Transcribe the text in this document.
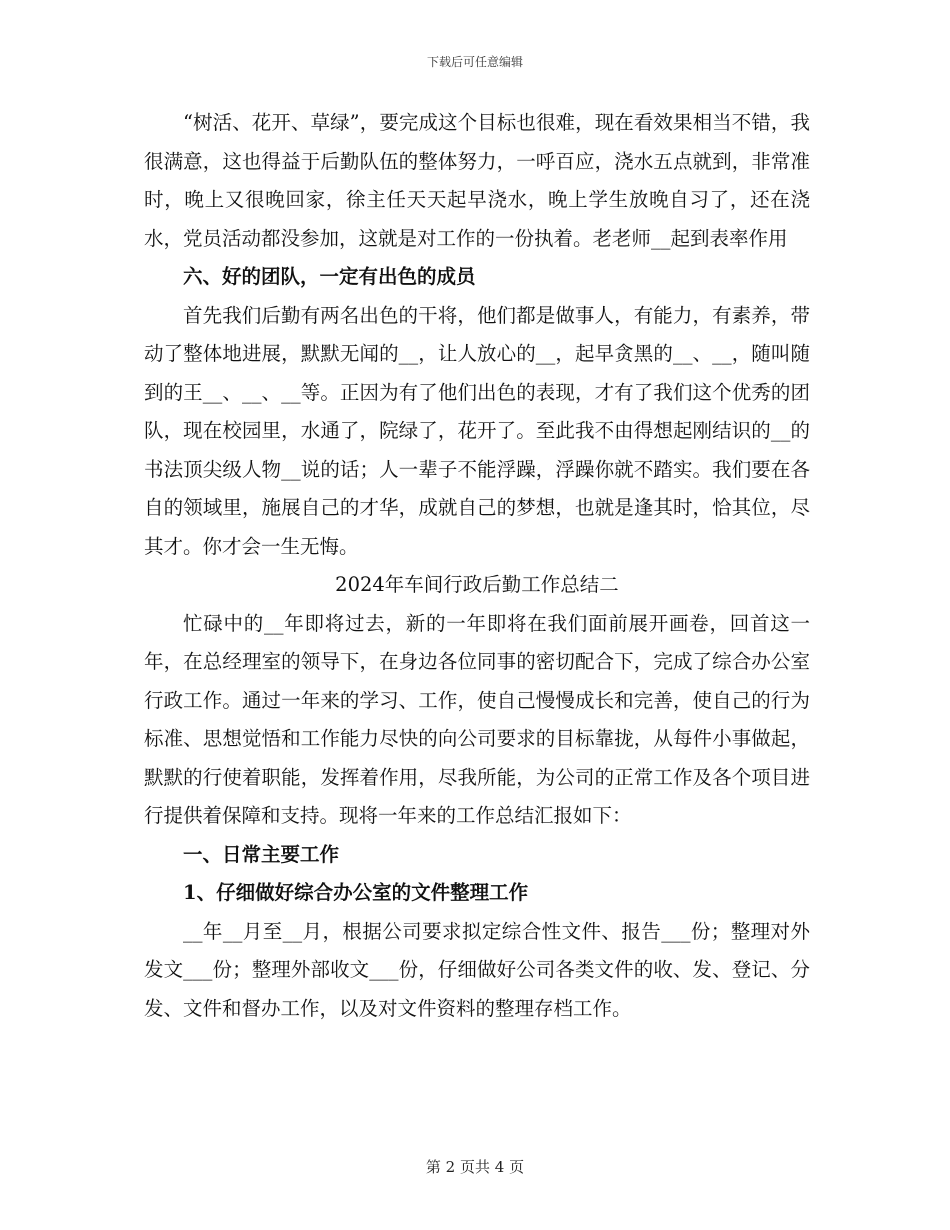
下载后可任意编辑

“树活、花开、草绿”，要完成这个目标也很难，现在看效果相当不错，我很满意，这也得益于后勤队伍的整体努力，一呼百应，浇水五点就到，非常准时，晚上又很晚回家，徐主任天天起早浇水，晚上学生放晚自习了，还在浇水，党员活动都没参加，这就是对工作的一份执着。老老师__起到表率作用

六、好的团队，一定有出色的成员

首先我们后勤有两名出色的干将，他们都是做事人，有能力，有素养，带动了整体地进展，默默无闻的__，让人放心的__，起早贪黑的__、__，随叫随到的王__、__、__等。正因为有了他们出色的表现，才有了我们这个优秀的团队，现在校园里，水通了，院绿了，花开了。至此我不由得想起刚结识的__的书法顶尖级人物__说的话；人一辈子不能浮躁，浮躁你就不踏实。我们要在各自的领域里，施展自己的才华，成就自己的梦想，也就是逢其时，恰其位，尽其才。你才会一生无悔。

2024年车间行政后勤工作总结二

忙碌中的__年即将过去，新的一年即将在我们面前展开画卷，回首这一年，在总经理室的领导下，在身边各位同事的密切配合下，完成了综合办公室行政工作。通过一年来的学习、工作，使自己慢慢成长和完善，使自己的行为标准、思想觉悟和工作能力尽快的向公司要求的目标靠拢，从每件小事做起，默默的行使着职能，发挥着作用，尽我所能，为公司的正常工作及各个项目进行提供着保障和支持。现将一年来的工作总结汇报如下：

一、日常主要工作

1、仔细做好综合办公室的文件整理工作

__年__月至__月，根据公司要求拟定综合性文件、报告___份；整理对外发文___份；整理外部收文___份，仔细做好公司各类文件的收、发、登记、分发、文件和督办工作，以及对文件资料的整理存档工作。

第 2 页共 4 页
